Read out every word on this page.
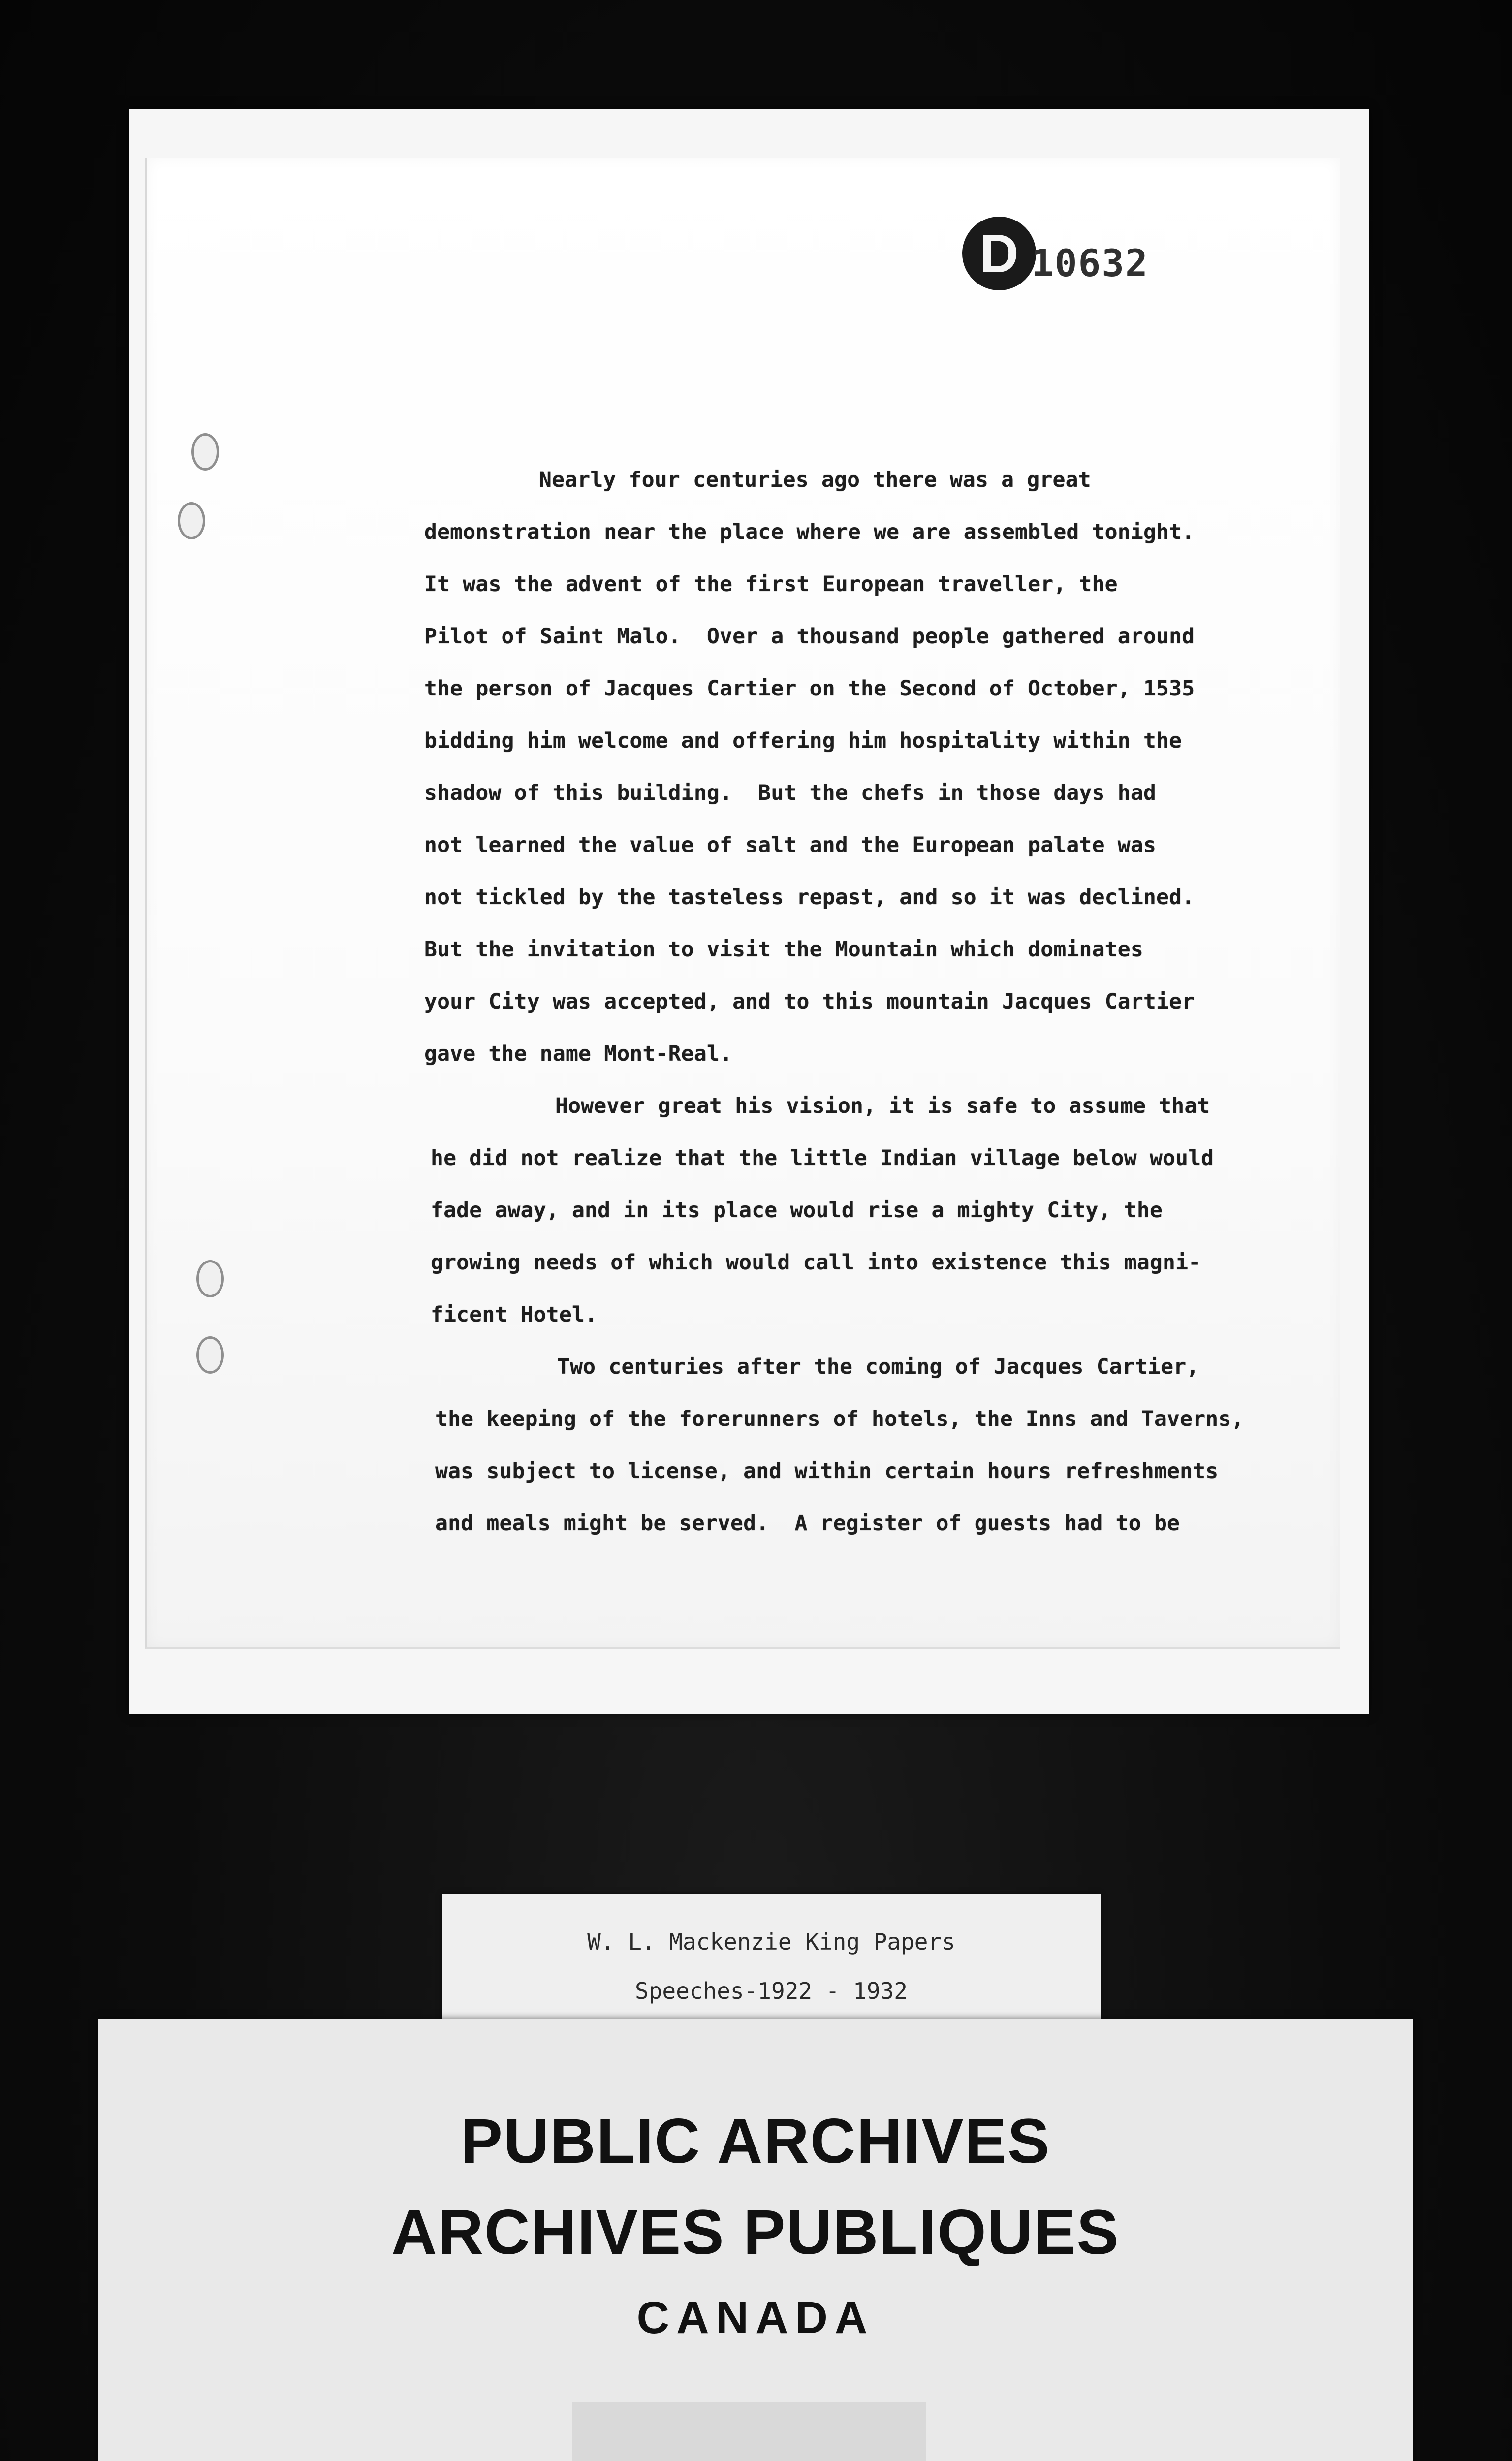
D 10632
Nearly four centuries ago there was a great
demonstration near the place where we are assembled tonight.
It was the advent of the first European traveller, the
Pilot of Saint Malo.  Over a thousand people gathered around
the person of Jacques Cartier on the Second of October, 1535
bidding him welcome and offering him hospitality within the
shadow of this building.  But the chefs in those days had
not learned the value of salt and the European palate was
not tickled by the tasteless repast, and so it was declined.
But the invitation to visit the Mountain which dominates
your City was accepted, and to this mountain Jacques Cartier
gave the name Mont-Real.
However great his vision, it is safe to assume that
he did not realize that the little Indian village below would
fade away, and in its place would rise a mighty City, the
growing needs of which would call into existence this magni-
ficent Hotel.
Two centuries after the coming of Jacques Cartier,
the keeping of the forerunners of hotels, the Inns and Taverns,
was subject to license, and within certain hours refreshments
and meals might be served.  A register of guests had to be
W. L. Mackenzie King Papers
Speeches-1922 - 1932
PUBLIC ARCHIVES
ARCHIVES PUBLIQUES
CANADA
